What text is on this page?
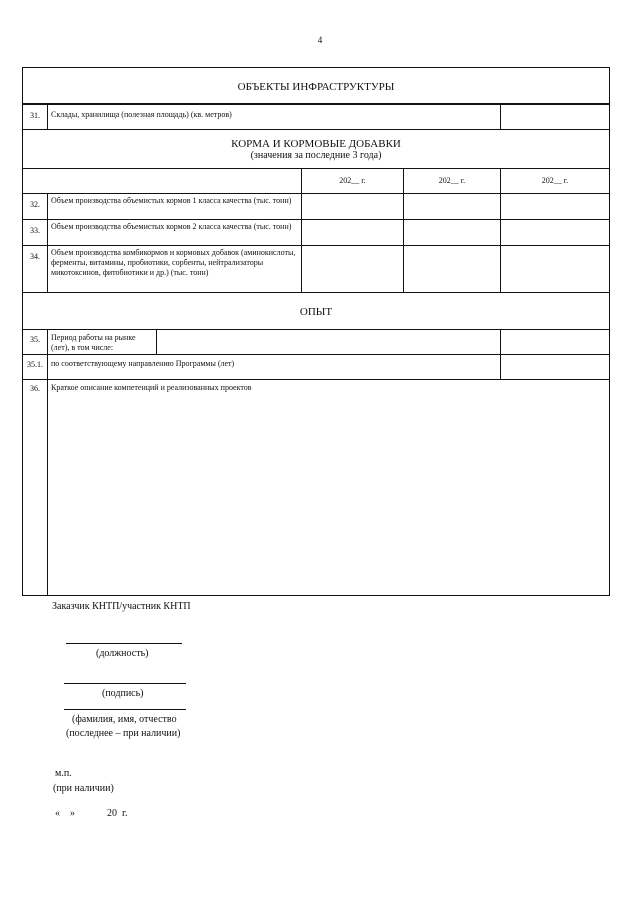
4
ОБЪЕКТЫ ИНФРАСТРУКТУРЫ
31.	Склады, хранилища (полезная площадь) (кв. метров)
КОРМА И КОРМОВЫЕ ДОБАВКИ
(значения за последние 3 года)
202__ г.	202__ г.	202__ г.
32.	Объем производства объемистых кормов 1 класса качества (тыс. тонн)
33.	Объем производства объемистых кормов 2 класса качества (тыс. тонн)
34.	Объем производства комбикормов и кормовых добавок (аминокислоты, ферменты, витамины, пробиотики, сорбенты, нейтрализаторы микотоксинов, фитобиотики и др.) (тыс. тонн)
ОПЫТ
35.	Период работы на рынке (лет), в том числе:
35.1.	по соответствующему направлению Программы (лет)
36.	Краткое описание компетенций и реализованных проектов
Заказчик КНТП/участник КНТП
(должность)
(подпись)
(фамилия, имя, отчество
(последнее – при наличии)
м.п.
(при наличии)
«    »	20  г.
